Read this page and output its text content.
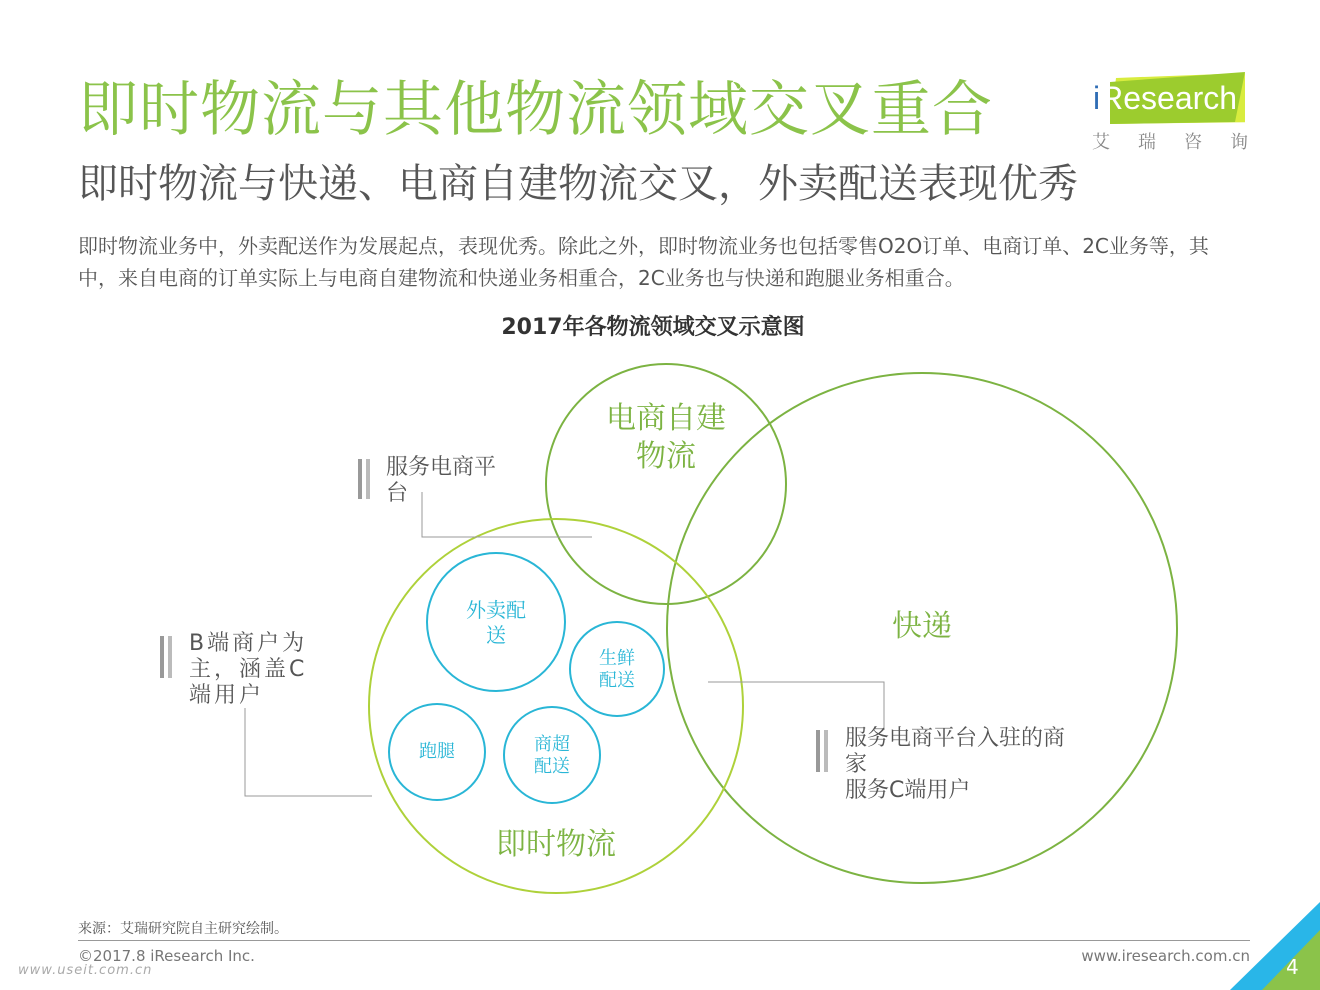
即时物流与其他物流领域交叉重合
即时物流与快递、电商自建物流交叉，外卖配送表现优秀
即时物流业务中，外卖配送作为发展起点，表现优秀。除此之外，即时物流业务也包括零售O2O订单、电商订单、2C业务等，其中，来自电商的订单实际上与电商自建物流和快递业务相重合，2C业务也与快递和跑腿业务相重合。
iResearch
艾瑞咨询
2017年各物流领域交叉示意图
电商自建物流
快递
即时物流
外卖配送
生鲜配送
跑腿	商超配送
服务电商平台
B端商户为主，涵盖C端用户
服务电商平台入驻的商家
服务C端用户
来源：艾瑞研究院自主研究绘制。
©2017.8 iResearch Inc.	www.iresearch.com.cn
www.useit.com.cn	4
